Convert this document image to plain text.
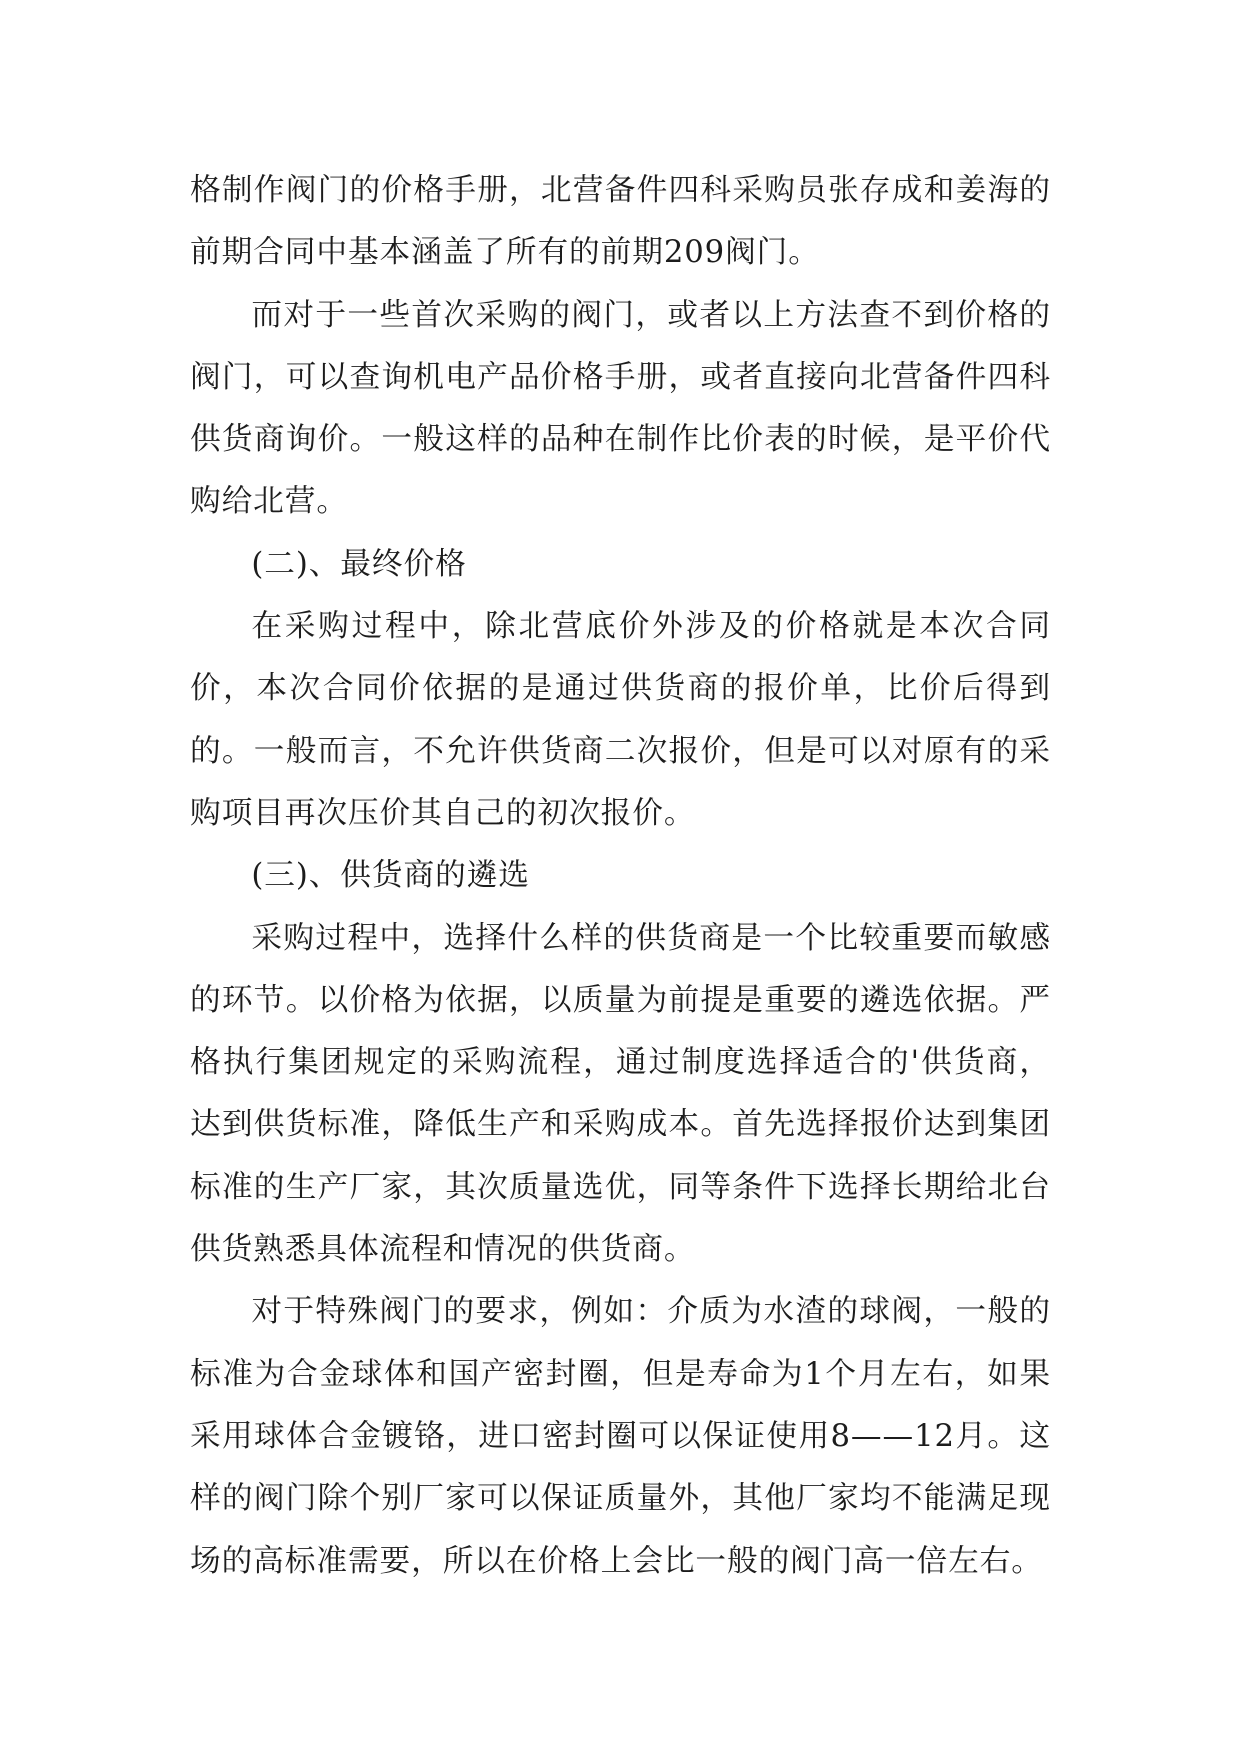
格制作阀门的价格手册，北营备件四科采购员张存成和姜海的前期合同中基本涵盖了所有的前期209阀门。

而对于一些首次采购的阀门，或者以上方法查不到价格的阀门，可以查询机电产品价格手册，或者直接向北营备件四科供货商询价。一般这样的品种在制作比价表的时候，是平价代购给北营。

(二)、最终价格

在采购过程中，除北营底价外涉及的价格就是本次合同价，本次合同价依据的是通过供货商的报价单，比价后得到的。一般而言，不允许供货商二次报价，但是可以对原有的采购项目再次压价其自己的初次报价。

(三)、供货商的遴选

采购过程中，选择什么样的供货商是一个比较重要而敏感的环节。以价格为依据，以质量为前提是重要的遴选依据。严格执行集团规定的采购流程，通过制度选择适合的'供货商，达到供货标准，降低生产和采购成本。首先选择报价达到集团标准的生产厂家，其次质量选优，同等条件下选择长期给北台供货熟悉具体流程和情况的供货商。

对于特殊阀门的要求，例如：介质为水渣的球阀，一般的标准为合金球体和国产密封圈，但是寿命为1个月左右，如果采用球体合金镀铬，进口密封圈可以保证使用8——12月。这样的阀门除个别厂家可以保证质量外，其他厂家均不能满足现场的高标准需要，所以在价格上会比一般的阀门高一倍左右。
